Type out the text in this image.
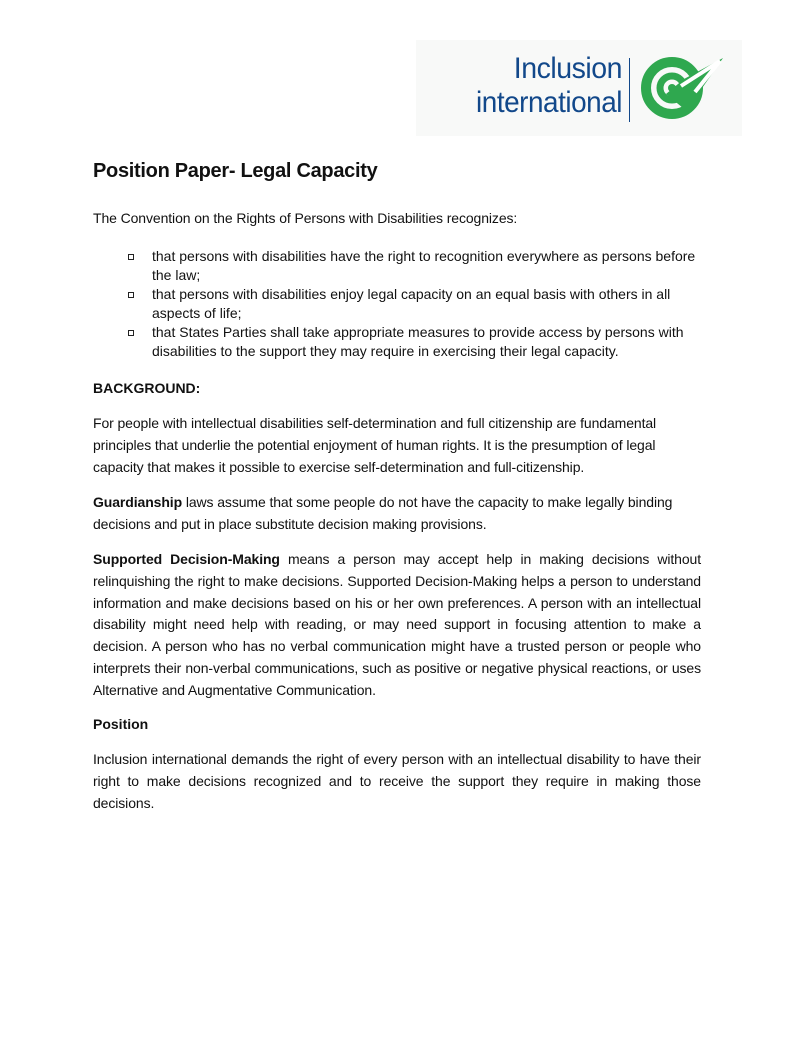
Inclusion
international
Position Paper- Legal Capacity

The Convention on the Rights of Persons with Disabilities recognizes:

that persons with disabilities have the right to recognition everywhere as persons before the law;
that persons with disabilities enjoy legal capacity on an equal basis with others in all aspects of life;
that States Parties shall take appropriate measures to provide access by persons with disabilities to the support they may require in exercising their legal capacity.
BACKGROUND:

For people with intellectual disabilities self-determination and full citizenship are fundamental principles that underlie the potential enjoyment of human rights. It is the presumption of legal capacity that makes it possible to exercise self-determination and full-citizenship.

Guardianship laws assume that some people do not have the capacity to make legally binding decisions and put in place substitute decision making provisions.

Supported Decision-Making means a person may accept help in making decisions without relinquishing the right to make decisions. Supported Decision-Making helps a person to understand information and make decisions based on his or her own preferences. A person with an intellectual disability might need help with reading, or may need support in focusing attention to make a decision. A person who has no verbal communication might have a trusted person or people who interprets their non-verbal communications, such as positive or negative physical reactions, or uses Alternative and Augmentative Communication.

Position

Inclusion international demands the right of every person with an intellectual disability to have their right to make decisions recognized and to receive the support they require in making those decisions.
